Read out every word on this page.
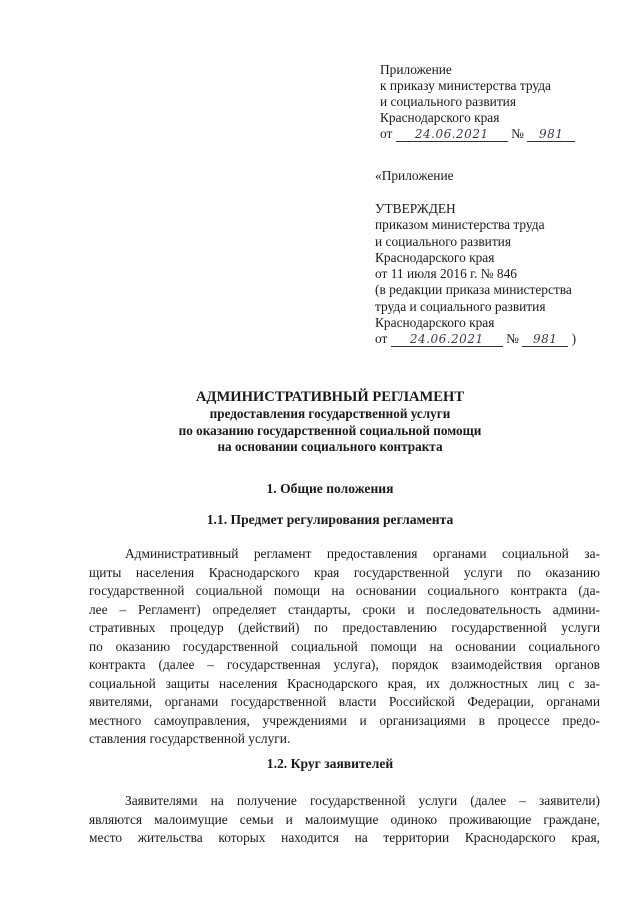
Приложение
к приказу министерства труда
и социального развития
Краснодарского края
от 24.06.2021 № 981
«Приложение
УТВЕРЖДЕН
приказом министерства труда
и социального развития
Краснодарского края
от 11 июля 2016 г. № 846
(в редакции приказа министерства
труда и социального развития
Краснодарского края
от 24.06.2021 № 981 )
АДМИНИСТРАТИВНЫЙ РЕГЛАМЕНТ
предоставления государственной услуги
по оказанию государственной социальной помощи
на основании социального контракта
1. Общие положения
1.1. Предмет регулирования регламента
Административный регламент предоставления органами социальной за-
щиты населения Краснодарского края государственной услуги по оказанию
государственной социальной помощи на основании социального контракта (да-
лее – Регламент) определяет стандарты, сроки и последовательность админи-
стративных процедур (действий) по предоставлению государственной услуги
по оказанию государственной социальной помощи на основании социального
контракта (далее – государственная услуга), порядок взаимодействия органов
социальной защиты населения Краснодарского края, их должностных лиц с за-
явителями, органами государственной власти Российской Федерации, органами
местного самоуправления, учреждениями и организациями в процессе предо-
ставления государственной услуги.
1.2. Круг заявителей
Заявителями на получение государственной услуги (далее – заявители)
являются малоимущие семьи и малоимущие одиноко проживающие граждане,
место жительства которых находится на территории Краснодарского края,
